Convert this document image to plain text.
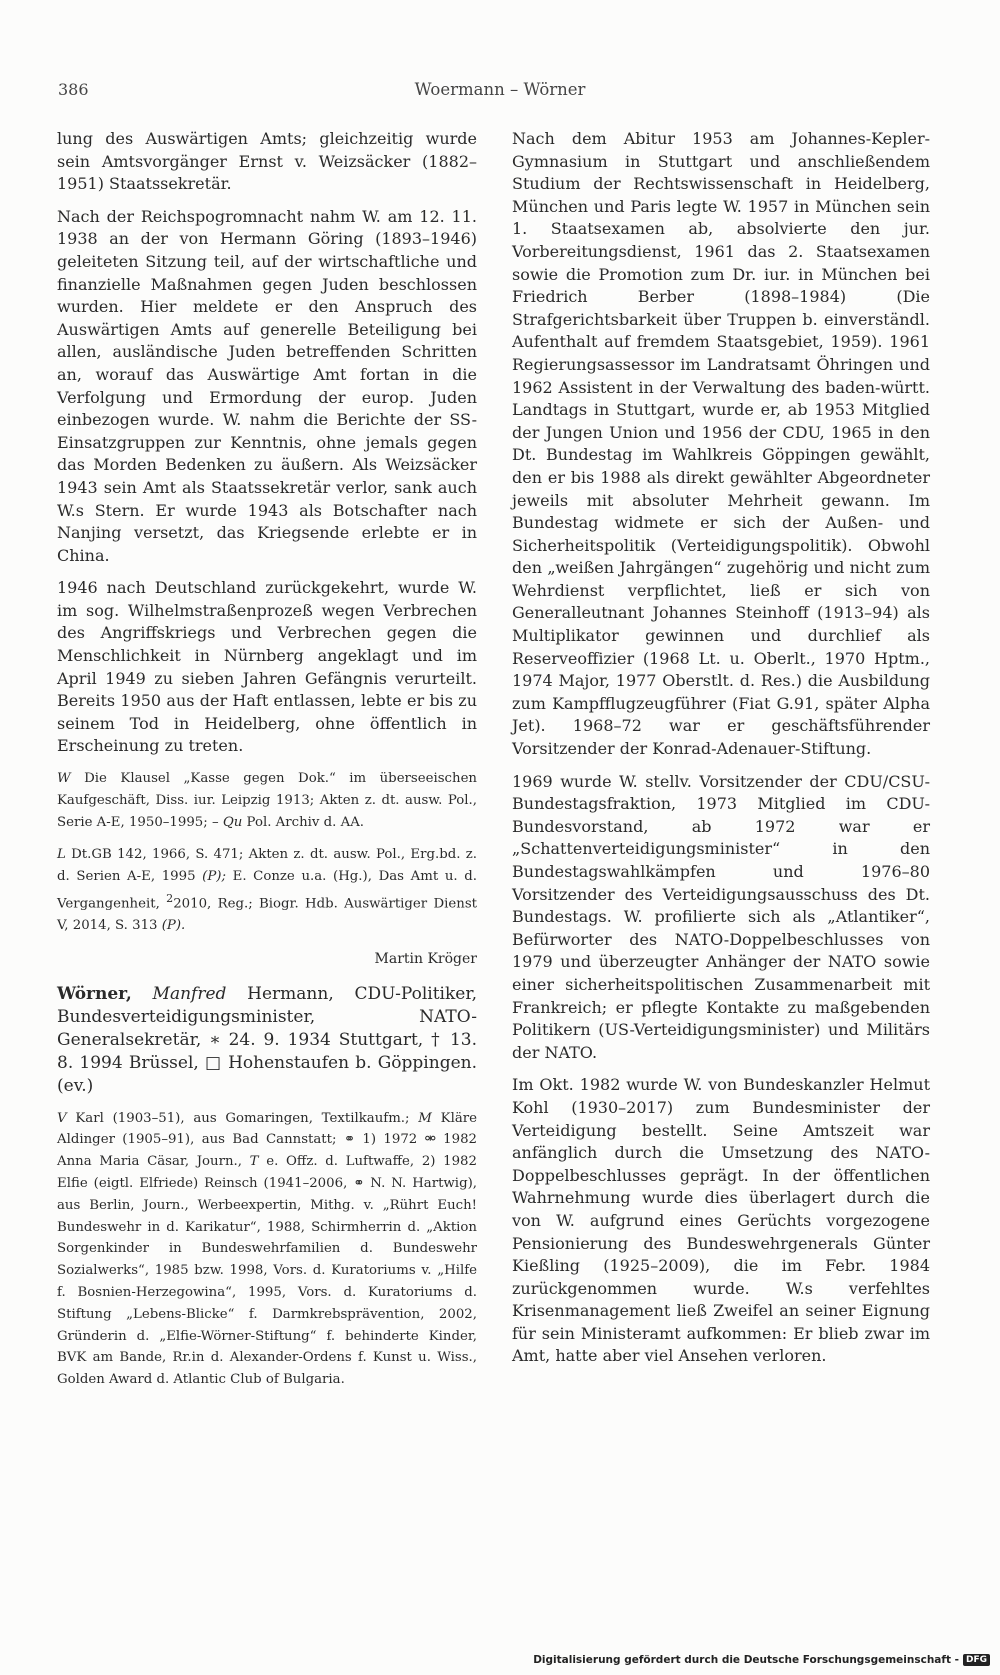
386	Woermann – Wörner

lung des Auswärtigen Amts; gleichzeitig wurde sein Amtsvorgänger Ernst v. Weizsäcker (1882–1951) Staatssekretär.

Nach der Reichspogromnacht nahm W. am 12. 11. 1938 an der von Hermann Göring (1893–1946) geleiteten Sitzung teil, auf der wirtschaftliche und finanzielle Maßnahmen gegen Juden beschlossen wurden. Hier meldete er den Anspruch des Auswärtigen Amts auf generelle Beteiligung bei allen, ausländische Juden betreffenden Schritten an, worauf das Auswärtige Amt fortan in die Verfolgung und Ermordung der europ. Juden einbezogen wurde. W. nahm die Berichte der SS-Einsatzgruppen zur Kenntnis, ohne jemals gegen das Morden Bedenken zu äußern. Als Weizsäcker 1943 sein Amt als Staatssekretär verlor, sank auch W.s Stern. Er wurde 1943 als Botschafter nach Nanjing versetzt, das Kriegsende erlebte er in China.

1946 nach Deutschland zurückgekehrt, wurde W. im sog. Wilhelmstraßenprozeß wegen Verbrechen des Angriffskriegs und Verbrechen gegen die Menschlichkeit in Nürnberg angeklagt und im April 1949 zu sieben Jahren Gefängnis verurteilt. Bereits 1950 aus der Haft entlassen, lebte er bis zu seinem Tod in Heidelberg, ohne öffentlich in Erscheinung zu treten.

W Die Klausel „Kasse gegen Dok.“ im überseeischen Kaufgeschäft, Diss. iur. Leipzig 1913; Akten z. dt. ausw. Pol., Serie A-E, 1950–1995; – Qu Pol. Archiv d. AA.

L Dt.GB 142, 1966, S. 471; Akten z. dt. ausw. Pol., Erg.bd. z. d. Serien A-E, 1995 (P); E. Conze u.a. (Hg.), Das Amt u. d. Vergangenheit, $^2$2010, Reg.; Biogr. Hdb. Auswärtiger Dienst V, 2014, S. 313 (P).

Martin Kröger

Wörner, Manfred Hermann, CDU-Politiker, Bundesverteidigungsminister, NATO-Generalsekretär, ∗ 24. 9. 1934 Stuttgart, † 13. 8. 1994 Brüssel, □ Hohenstaufen b. Göppingen. (ev.)

V Karl (1903–51), aus Gomaringen, Textilkaufm.; M Kläre Aldinger (1905–91), aus Bad Cannstatt; ⚭ 1) 1972 ⚮ 1982 Anna Maria Cäsar, Journ., T e. Offz. d. Luftwaffe, 2) 1982 Elfie (eigtl. Elfriede) Reinsch (1941–2006, ⚭ N. N. Hartwig), aus Berlin, Journ., Werbeexpertin, Mithg. v. „Rührt Euch! Bundeswehr in d. Karikatur“, 1988, Schirmherrin d. „Aktion Sorgenkinder in Bundeswehrfamilien d. Bundeswehr Sozialwerks“, 1985 bzw. 1998, Vors. d. Kuratoriums v. „Hilfe f. Bosnien-Herzegowina“, 1995, Vors. d. Kuratoriums d. Stiftung „Lebens-Blicke“ f. Darmkrebsprävention, 2002, Gründerin d. „Elfie-Wörner-Stiftung“ f. behinderte Kinder, BVK am Bande, Rr.in d. Alexander-Ordens f. Kunst u. Wiss., Golden Award d. Atlantic Club of Bulgaria.

Nach dem Abitur 1953 am Johannes-Kepler-Gymnasium in Stuttgart und anschließendem Studium der Rechtswissenschaft in Heidelberg, München und Paris legte W. 1957 in München sein 1. Staatsexamen ab, absolvierte den jur. Vorbereitungsdienst, 1961 das 2. Staatsexamen sowie die Promotion zum Dr. iur. in München bei Friedrich Berber (1898–1984) (Die Strafgerichtsbarkeit über Truppen b. einverständl. Aufenthalt auf fremdem Staatsgebiet, 1959). 1961 Regierungsassessor im Landratsamt Öhringen und 1962 Assistent in der Verwaltung des baden-württ. Landtags in Stuttgart, wurde er, ab 1953 Mitglied der Jungen Union und 1956 der CDU, 1965 in den Dt. Bundestag im Wahlkreis Göppingen gewählt, den er bis 1988 als direkt gewählter Abgeordneter jeweils mit absoluter Mehrheit gewann. Im Bundestag widmete er sich der Außen- und Sicherheitspolitik (Verteidigungspolitik). Obwohl den „weißen Jahrgängen“ zugehörig und nicht zum Wehrdienst verpflichtet, ließ er sich von Generalleutnant Johannes Steinhoff (1913–94) als Multiplikator gewinnen und durchlief als Reserveoffizier (1968 Lt. u. Oberlt., 1970 Hptm., 1974 Major, 1977 Oberstlt. d. Res.) die Ausbildung zum Kampfflugzeugführer (Fiat G.91, später Alpha Jet). 1968–72 war er geschäftsführender Vorsitzender der Konrad-Adenauer-Stiftung.

1969 wurde W. stellv. Vorsitzender der CDU/CSU-Bundestagsfraktion, 1973 Mitglied im CDU-Bundesvorstand, ab 1972 war er „Schattenverteidigungsminister“ in den Bundestagswahlkämpfen und 1976–80 Vorsitzender des Verteidigungsausschuss des Dt. Bundestags. W. profilierte sich als „Atlantiker“, Befürworter des NATO-Doppelbeschlusses von 1979 und überzeugter Anhänger der NATO sowie einer sicherheitspolitischen Zusammenarbeit mit Frankreich; er pflegte Kontakte zu maßgebenden Politikern (US-Verteidigungsminister) und Militärs der NATO.

Im Okt. 1982 wurde W. von Bundeskanzler Helmut Kohl (1930–2017) zum Bundesminister der Verteidigung bestellt. Seine Amtszeit war anfänglich durch die Umsetzung des NATO-Doppelbeschlusses geprägt. In der öffentlichen Wahrnehmung wurde dies überlagert durch die von W. aufgrund eines Gerüchts vorgezogene Pensionierung des Bundeswehrgenerals Günter Kießling (1925–2009), die im Febr. 1984 zurückgenommen wurde. W.s verfehltes Krisenmanagement ließ Zweifel an seiner Eignung für sein Ministeramt aufkommen: Er blieb zwar im Amt, hatte aber viel Ansehen verloren.

Digitalisierung gefördert durch die Deutsche Forschungsgemeinschaft - DFG
